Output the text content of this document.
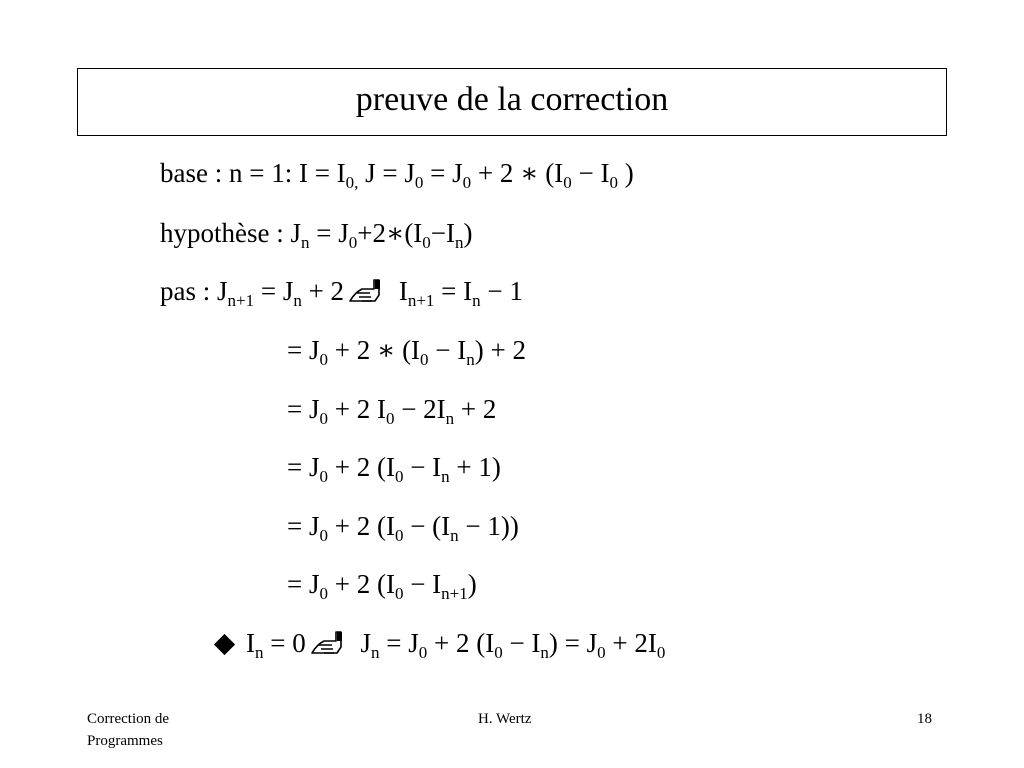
preuve de la correction
base : n = 1: $I = I_{0,}$ $J = J_0 = J_0 + 2$ ∗ ($I_0 - I_0$ )
hypothèse : $J_n$ = $J_0+2∗(I_0-I_n)$
pas : $J_{n+1} = J_n + 2$ $I_{n+1} = I_n - 1$
= $J_0 + 2$ ∗ $(I_0 - I_n) + 2$
= $J_0 + 2$ $I_0 - 2I_n + 2$
= $J_0 + 2$ $(I_0 - I_n + 1)$
= $J_0 + 2$ $(I_0 - (I_n - 1))$
= $J_0 + 2$ $(I_0 - I_{n+1})$
$I_n = 0$ $J_n = J_0 + 2$ $(I_0 - I_n) = J_0 + 2I_0$
Correction de
Programmes
H. Wertz	18
